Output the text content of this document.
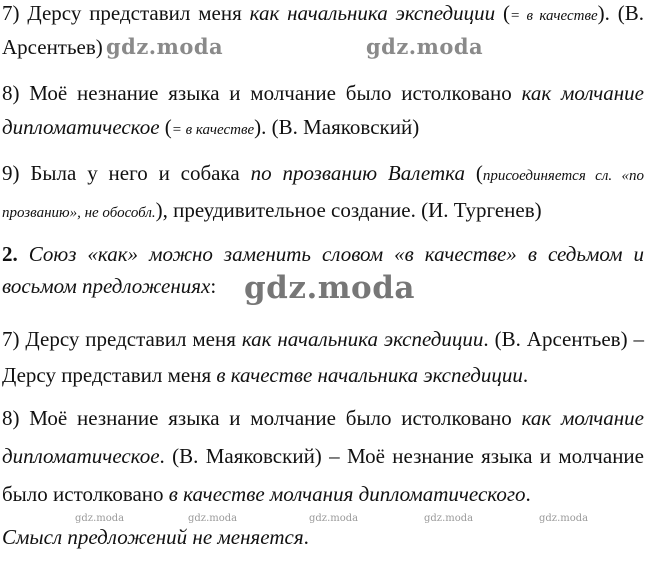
7) Дерсу представил меня как начальника экспедиции (= в качестве). (В.
Арсентьев)
8) Моё незнание языка и молчание было истолковано как молчание
дипломатическое (= в качестве). (В. Маяковский)
9) Была у него и собака по прозванию Валетка (присоединяется сл. «по
прозванию», не обособл.), преудивительное создание. (И. Тургенев)
2. Союз «как» можно заменить словом «в качестве» в седьмом и
восьмом предложениях:
7) Дерсу представил меня как начальника экспедиции. (В. Арсентьев) –
Дерсу представил меня в качестве начальника экспедиции.
8) Моё незнание языка и молчание было истолковано как молчание
дипломатическое. (В. Маяковский) – Моё незнание языка и молчание
было истолковано в качестве молчания дипломатического.
Смысл предложений не меняется.
gdz.moda	gdz.moda
gdz.moda
gdz.moda	gdz.moda	gdz.moda	gdz.moda	gdz.moda
